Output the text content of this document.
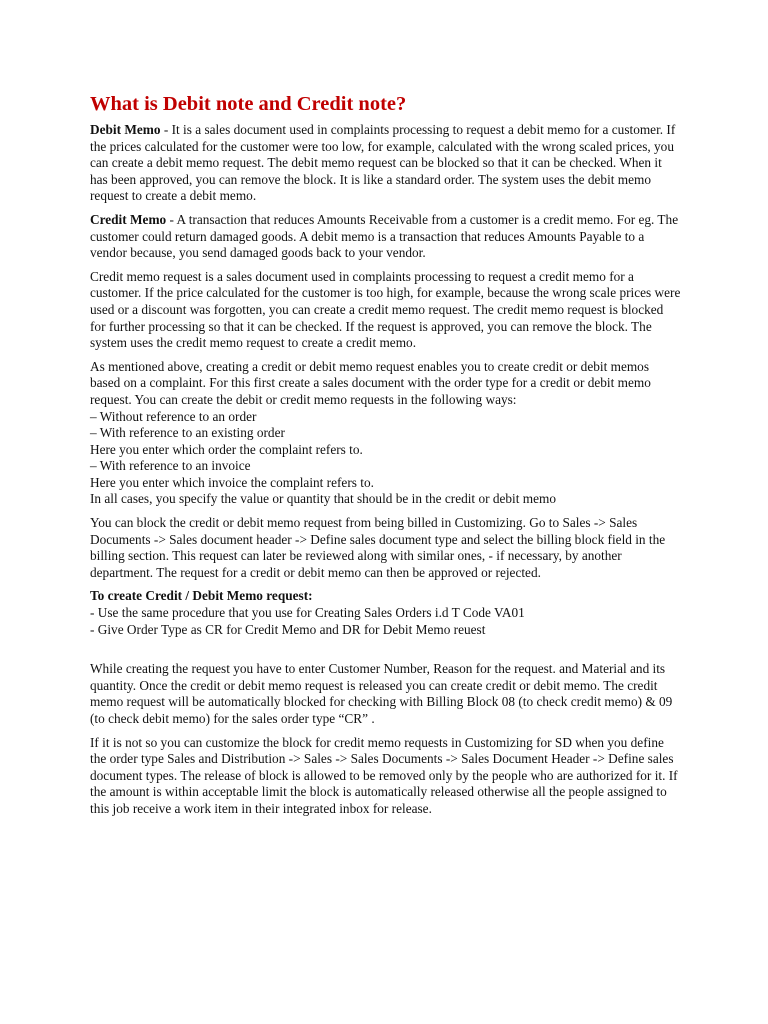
What is Debit note and Credit note?

Debit Memo - It is a sales document used in complaints processing to request a debit memo for a customer. If the prices calculated for the customer were too low, for example, calculated with the wrong scaled prices, you can create a debit memo request. The debit memo request can be blocked so that it can be checked. When it has been approved, you can remove the block. It is like a standard order. The system uses the debit memo request to create a debit memo.

Credit Memo - A transaction that reduces Amounts Receivable from a customer is a credit memo. For eg. The customer could return damaged goods. A debit memo is a transaction that reduces Amounts Payable to a vendor because, you send damaged goods back to your vendor.

Credit memo request is a sales document used in complaints processing to request a credit memo for a customer. If the price calculated for the customer is too high, for example, because the wrong scale prices were used or a discount was forgotten, you can create a credit memo request. The credit memo request is blocked for further processing so that it can be checked. If the request is approved, you can remove the block. The system uses the credit memo request to create a credit memo.

As mentioned above, creating a credit or debit memo request enables you to create credit or debit memos based on a complaint. For this first create a sales document with the order type for a credit or debit memo request. You can create the debit or credit memo requests in the following ways:
– Without reference to an order
– With reference to an existing order
Here you enter which order the complaint refers to.
– With reference to an invoice
Here you enter which invoice the complaint refers to.
In all cases, you specify the value or quantity that should be in the credit or debit memo

You can block the credit or debit memo request from being billed in Customizing. Go to Sales -> Sales Documents -> Sales document header -> Define sales document type and select the billing block field in the billing section. This request can later be reviewed along with similar ones, - if necessary, by another department. The request for a credit or debit memo can then be approved or rejected.

To create Credit / Debit Memo request:
- Use the same procedure that you use for Creating Sales Orders i.d T Code VA01
- Give Order Type as CR for Credit Memo and DR for Debit Memo reuest

While creating the request you have to enter Customer Number, Reason for the request. and Material and its quantity. Once the credit or debit memo request is released you can create credit or debit memo. The credit memo request will be automatically blocked for checking with Billing Block 08 (to check credit memo) & 09 (to check debit memo) for the sales order type “CR” .

If it is not so you can customize the block for credit memo requests in Customizing for SD when you define the order type Sales and Distribution -> Sales -> Sales Documents -> Sales Document Header -> Define sales document types. The release of block is allowed to be removed only by the people who are authorized for it. If the amount is within acceptable limit the block is automatically released otherwise all the people assigned to this job receive a work item in their integrated inbox for release.
